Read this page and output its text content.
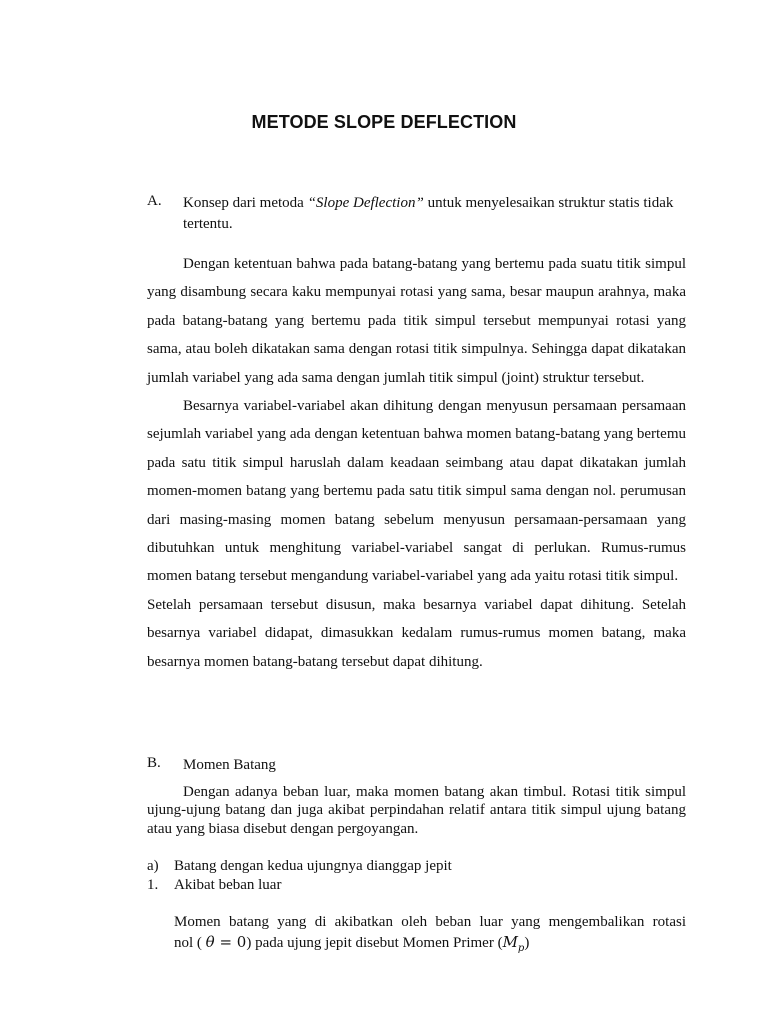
METODE SLOPE DEFLECTION
A. Konsep dari metoda “Slope Deflection” untuk menyelesaikan struktur statis tidak tertentu.

Dengan ketentuan bahwa pada batang-batang yang bertemu pada suatu titik simpul yang disambung secara kaku mempunyai rotasi yang sama, besar maupun arahnya, maka pada batang-batang yang bertemu pada titik simpul tersebut mempunyai rotasi yang sama, atau boleh dikatakan sama dengan rotasi titik simpulnya. Sehingga dapat dikatakan jumlah variabel yang ada sama dengan jumlah titik simpul (joint) struktur tersebut.

Besarnya variabel-variabel akan dihitung dengan menyusun persamaan persamaan sejumlah variabel yang ada dengan ketentuan bahwa momen batang-batang yang bertemu pada satu titik simpul haruslah dalam keadaan seimbang atau dapat dikatakan jumlah momen-momen batang yang bertemu pada satu titik simpul sama dengan nol. perumusan dari masing-masing momen batang sebelum menyusun persamaan-persamaan yang dibutuhkan untuk menghitung variabel-variabel sangat di perlukan. Rumus-rumus momen batang tersebut mengandung variabel-variabel yang ada yaitu rotasi titik simpul.

Setelah persamaan tersebut disusun, maka besarnya variabel dapat dihitung. Setelah besarnya variabel didapat, dimasukkan kedalam rumus-rumus momen batang, maka besarnya momen batang-batang tersebut dapat dihitung.

B. Momen Batang

Dengan adanya beban luar, maka momen batang akan timbul. Rotasi titik simpul ujung-ujung batang dan juga akibat perpindahan relatif antara titik simpul ujung batang atau yang biasa disebut dengan pergoyangan.

a) Batang dengan kedua ujungnya dianggap jepit
1. Akibat beban luar
Momen batang yang di akibatkan oleh beban luar yang mengembalikan rotasi
nol ( θ = 0) pada ujung jepit disebut Momen Primer $(M_p)$
